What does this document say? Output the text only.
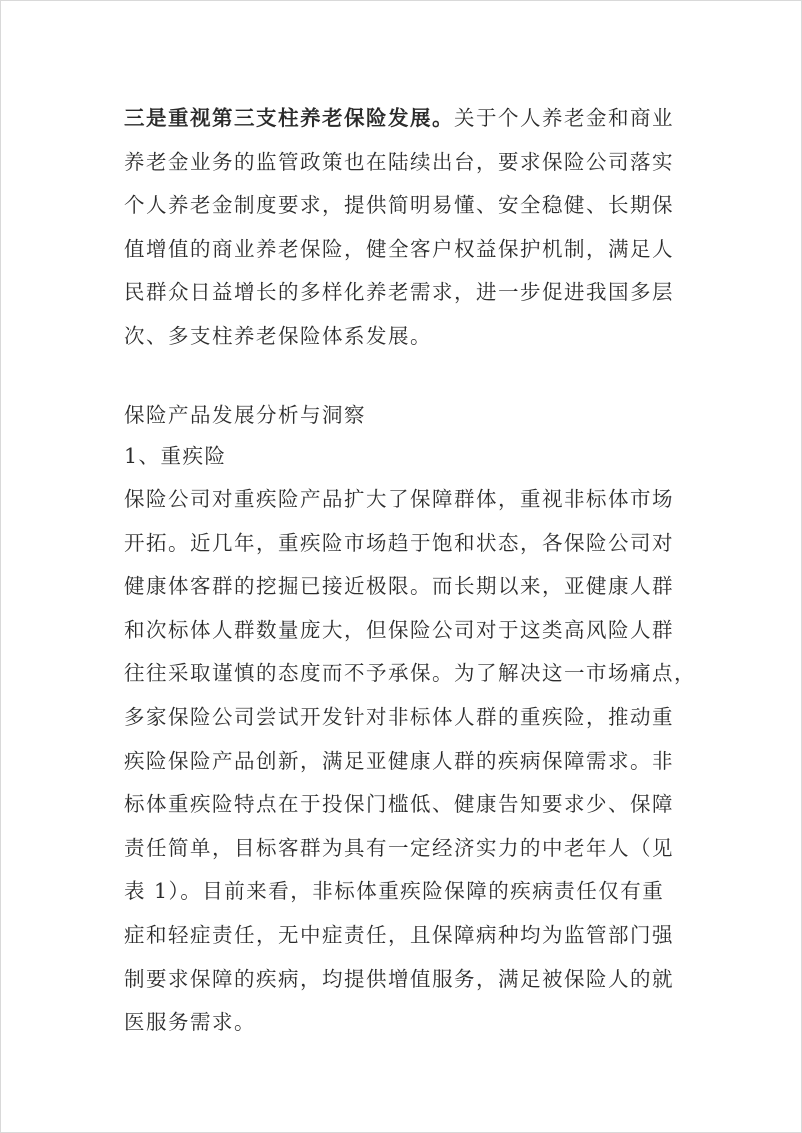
三是重视第三支柱养老保险发展。关于个人养老金和商业
养老金业务的监管政策也在陆续出台，要求保险公司落实
个人养老金制度要求，提供简明易懂、安全稳健、长期保
值增值的商业养老保险，健全客户权益保护机制，满足人
民群众日益增长的多样化养老需求，进一步促进我国多层
次、多支柱养老保险体系发展。
保险产品发展分析与洞察
1、重疾险
保险公司对重疾险产品扩大了保障群体，重视非标体市场
开拓。近几年，重疾险市场趋于饱和状态，各保险公司对
健康体客群的挖掘已接近极限。而长期以来，亚健康人群
和次标体人群数量庞大，但保险公司对于这类高风险人群
往往采取谨慎的态度而不予承保。为了解决这一市场痛点，
多家保险公司尝试开发针对非标体人群的重疾险，推动重
疾险保险产品创新，满足亚健康人群的疾病保障需求。非
标体重疾险特点在于投保门槛低、健康告知要求少、保障
责任简单，目标客群为具有一定经济实力的中老年人（见
表 1）。目前来看，非标体重疾险保障的疾病责任仅有重
症和轻症责任，无中症责任，且保障病种均为监管部门强
制要求保障的疾病，均提供增值服务，满足被保险人的就
医服务需求。
